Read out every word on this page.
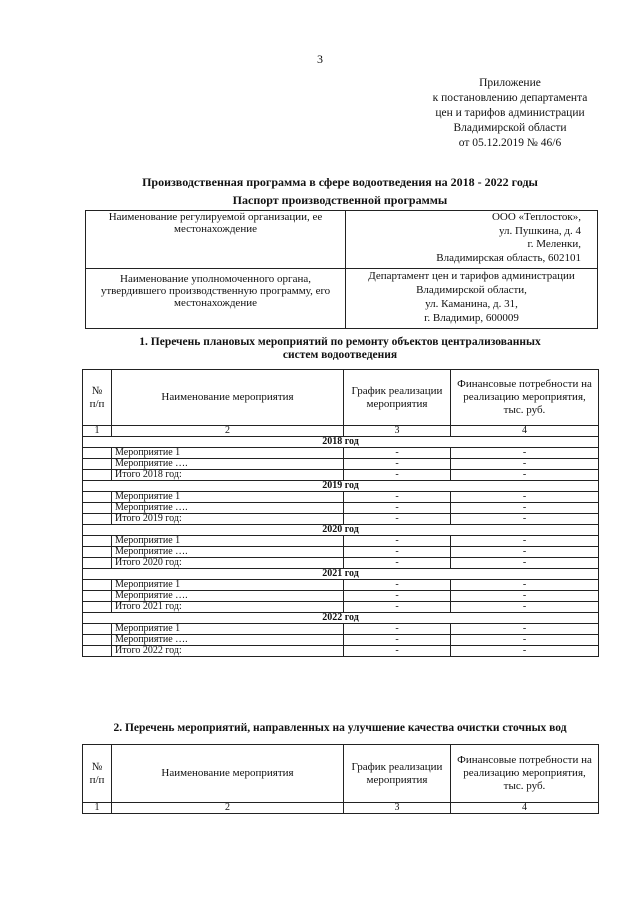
3
Приложение
к постановлению департамента
цен и тарифов администрации
Владимирской области
от 05.12.2019 № 46/6
Производственная программа в сфере водоотведения на 2018 - 2022 годы
Паспорт производственной программы
Наименование регулируемой организации, ее местонахождение	ООО «Теплосток»,
ул. Пушкина, д. 4
г. Меленки,
Владимирская область, 602101

Наименование уполномоченного органа, утвердившего производственную программу, его местонахождение	Департамент цен и тарифов администрации
Владимирской области,
ул. Каманина, д. 31,
г. Владимир, 600009
1. Перечень плановых мероприятий по ремонту объектов централизованных
систем водоотведения
№ п/п	Наименование мероприятия	График реализации мероприятия	Финансовые потребности на реализацию мероприятия, тыс. руб.
1	2	3	4
2018 год			
	Мероприятие 1	-	-
	Мероприятие ….	-	-
	Итого 2018 год:	-	-
2019 год			
	Мероприятие 1	-	-
	Мероприятие ….	-	-
	Итого 2019 год:	-	-
2020 год			
	Мероприятие 1	-	-
	Мероприятие ….	-	-
	Итого 2020 год:	-	-
2021 год			
	Мероприятие 1	-	-
	Мероприятие ….	-	-
	Итого 2021 год:	-	-
2022 год			
	Мероприятие 1	-	-
	Мероприятие ….	-	-
	Итого 2022 год:	-	-
2. Перечень мероприятий, направленных на улучшение качества очистки сточных вод
№ п/п	Наименование мероприятия	График реализации мероприятия	Финансовые потребности на реализацию мероприятия, тыс. руб.
1	2	3	4
